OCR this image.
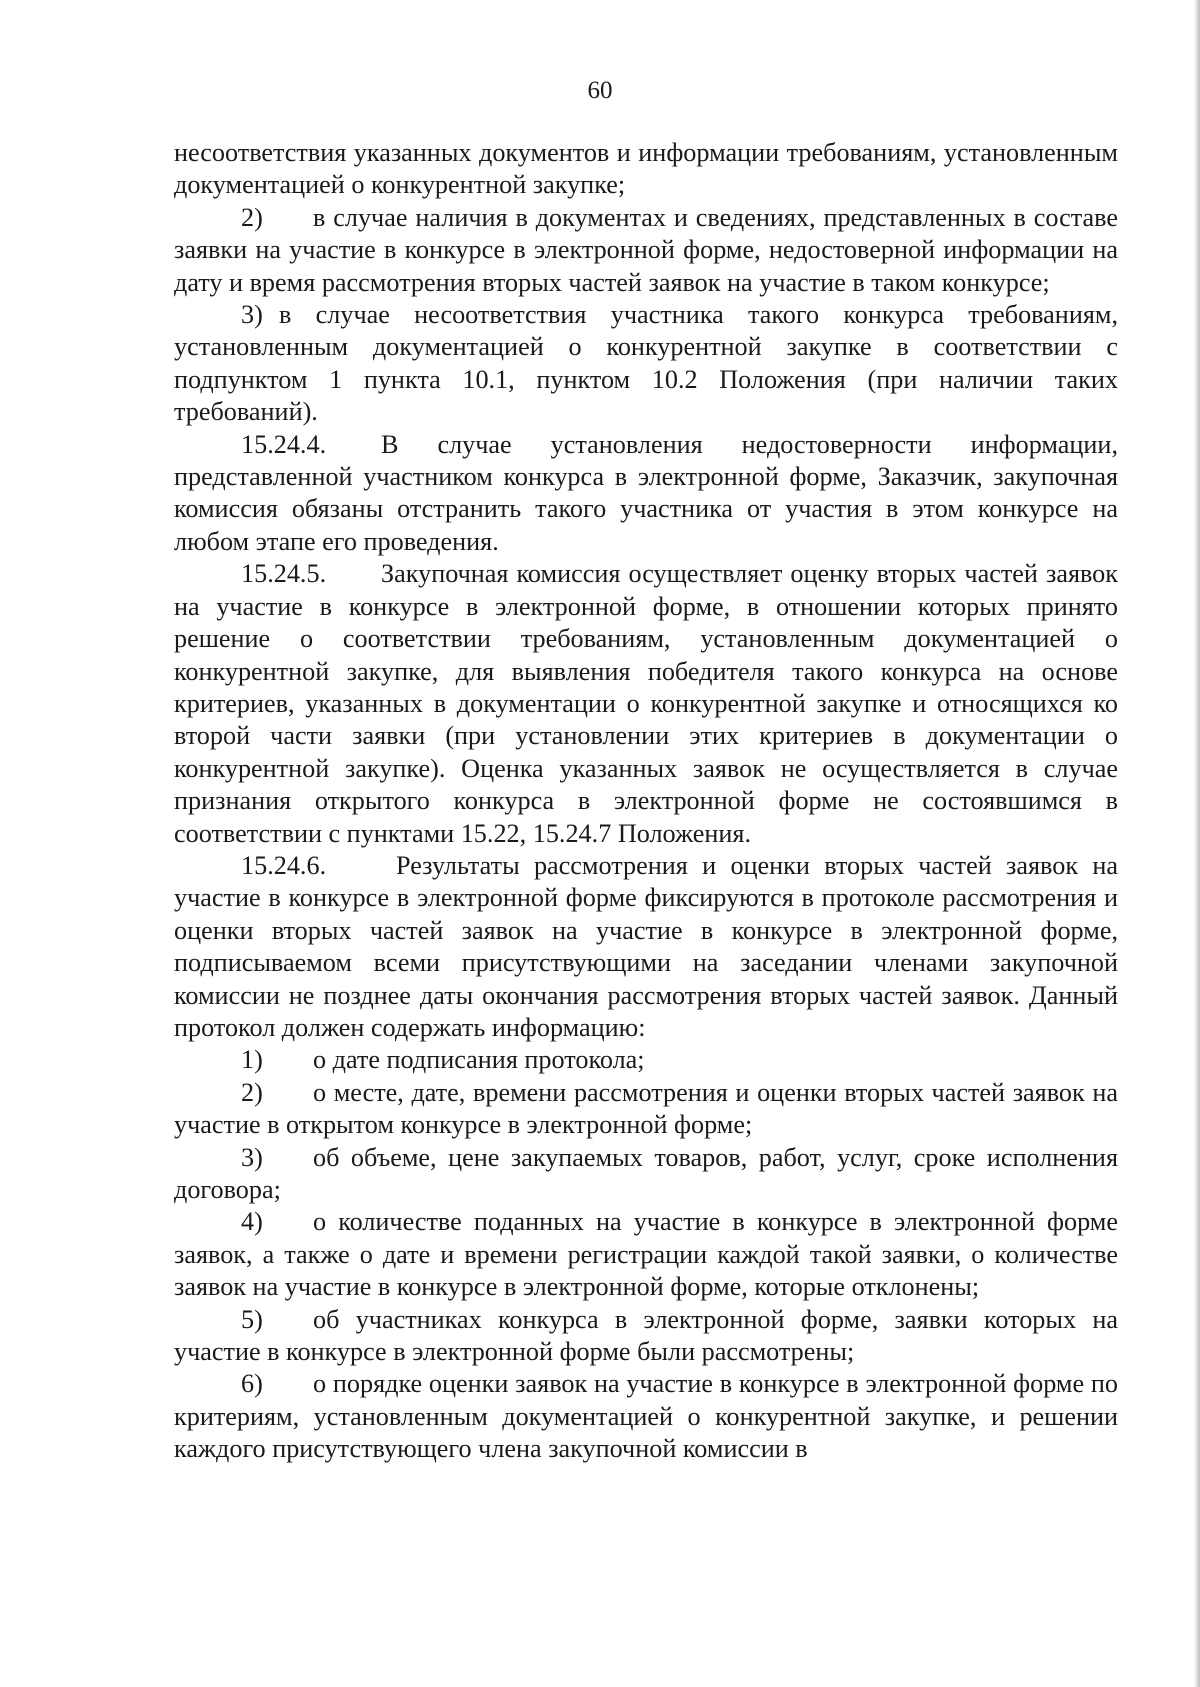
60

несоответствия указанных документов и информации требованиям, установленным документацией о конкурентной закупке;

2) в случае наличия в документах и сведениях, представленных в составе заявки на участие в конкурсе в электронной форме, недостоверной информации на дату и время рассмотрения вторых частей заявок на участие в таком конкурсе;

3) в случае несоответствия участника такого конкурса требованиям, установленным документацией о конкурентной закупке в соответствии с подпунктом 1 пункта 10.1, пунктом 10.2 Положения (при наличии таких требований).

15.24.4. В случае установления недостоверности информации, представленной участником конкурса в электронной форме, Заказчик, закупочная комиссия обязаны отстранить такого участника от участия в этом конкурсе на любом этапе его проведения.

15.24.5. Закупочная комиссия осуществляет оценку вторых частей заявок на участие в конкурсе в электронной форме, в отношении которых принято решение о соответствии требованиям, установленным документацией о конкурентной закупке, для выявления победителя такого конкурса на основе критериев, указанных в документации о конкурентной закупке и относящихся ко второй части заявки (при установлении этих критериев в документации о конкурентной закупке). Оценка указанных заявок не осуществляется в случае признания открытого конкурса в электронной форме не состоявшимся в соответствии с пунктами 15.22, 15.24.7 Положения.

15.24.6.	Результаты рассмотрения и оценки вторых частей заявок на участие в конкурсе в электронной форме фиксируются в протоколе рассмотрения и оценки вторых частей заявок на участие в конкурсе в электронной форме, подписываемом всеми присутствующими на заседании членами закупочной комиссии не позднее даты окончания рассмотрения вторых частей заявок. Данный протокол должен содержать информацию:

1) о дате подписания протокола;

2) о месте, дате, времени рассмотрения и оценки вторых частей заявок на участие в открытом конкурсе в электронной форме;

3) об объеме, цене закупаемых товаров, работ, услуг, сроке исполнения договора;

4) о количестве поданных на участие в конкурсе в электронной форме заявок, а также о дате и времени регистрации каждой такой заявки, о количестве заявок на участие в конкурсе в электронной форме, которые отклонены;

5) об участниках конкурса в электронной форме, заявки которых на участие в конкурсе в электронной форме были рассмотрены;

6) о порядке оценки заявок на участие в конкурсе в электронной форме по критериям, установленным документацией о конкурентной закупке, и решении каждого присутствующего члена закупочной комиссии в
